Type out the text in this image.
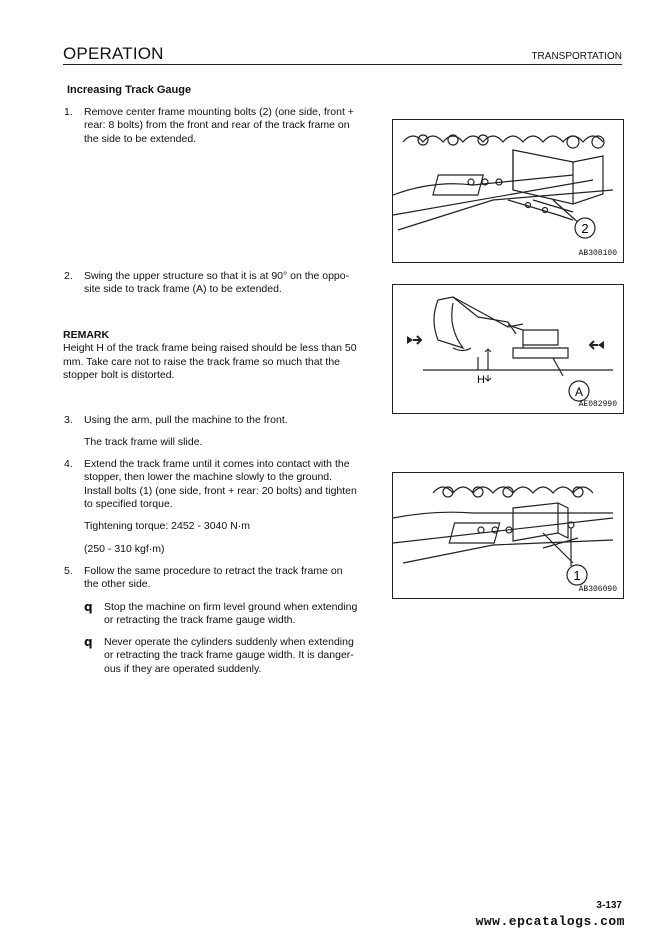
OPERATION	TRANSPORTATION
Increasing Track Gauge
1. Remove center frame mounting bolts (2) (one side, front +
rear: 8 bolts) from the front and rear of the track frame on
the side to be extended.
2. Swing the upper structure so that it is at 90° on the oppo-
site side to track frame (A) to be extended.
REMARK
Height H of the track frame being raised should be less than 50
mm. Take care not to raise the track frame so much that the
stopper bolt is distorted.
3. Using the arm, pull the machine to the front.
The track frame will slide.
4. Extend the track frame until it comes into contact with the
stopper, then lower the machine slowly to the ground.
Install bolts (1) (one side, front + rear: 20 bolts) and tighten
to specified torque.
Tightening torque: 2452 - 3040 N·m
(250 - 310 kgf·m)
5. Follow the same procedure to retract the track frame on
the other side.
q Stop the machine on firm level ground when extending
or retracting the track frame gauge width.
q Never operate the cylinders suddenly when extending
or retracting the track frame gauge width. It is danger-
ous if they are operated suddenly.
2
AB308100
H
A
AE082990
1
AB306090
3-137
www.epcatalogs.com
